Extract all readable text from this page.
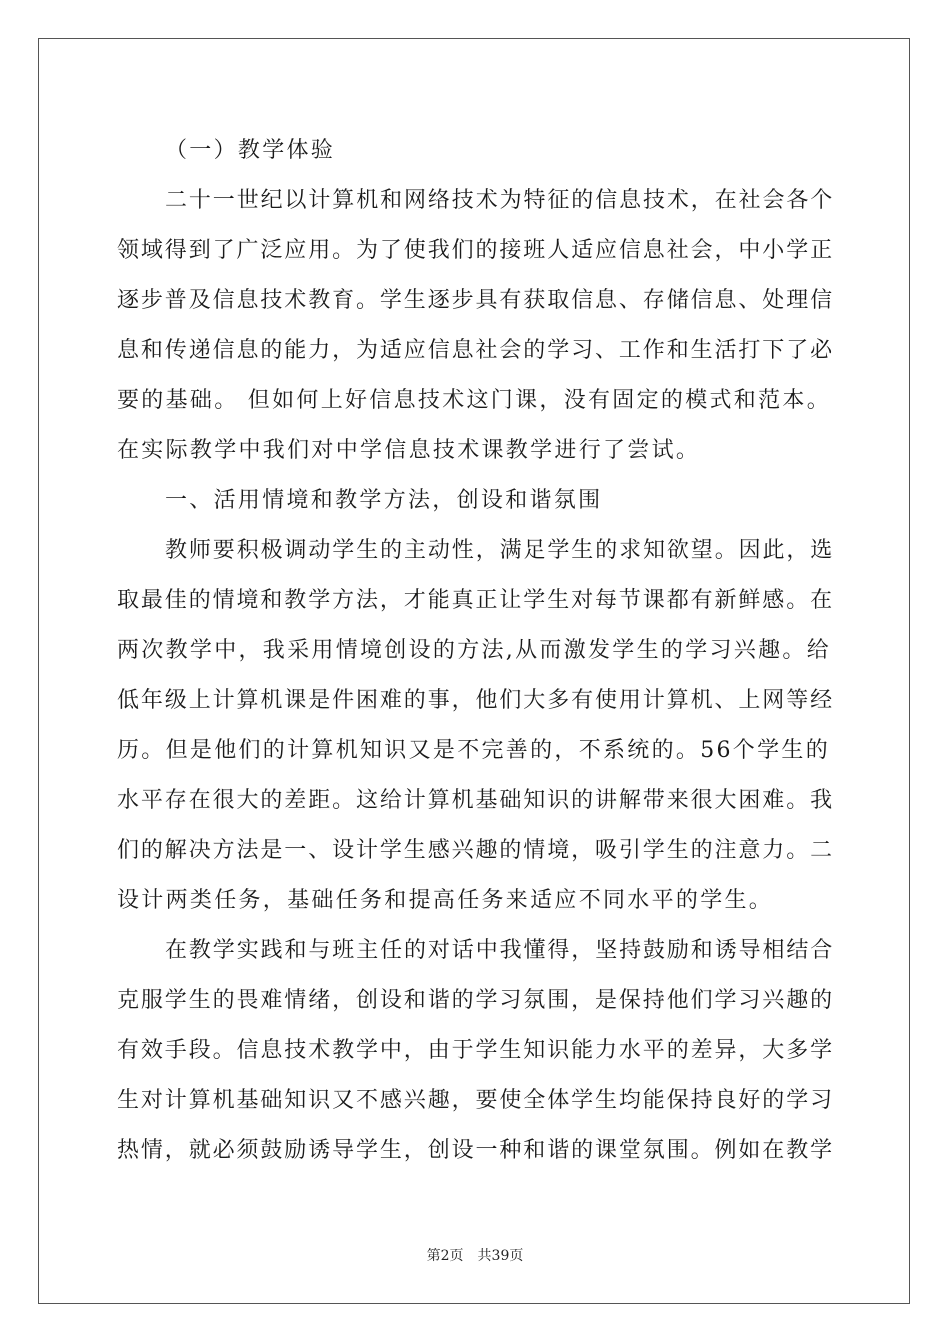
（一）教学体验
二十一世纪以计算机和网络技术为特征的信息技术，在社会各个
领域得到了广泛应用。为了使我们的接班人适应信息社会，中小学正
逐步普及信息技术教育。学生逐步具有获取信息、存储信息、处理信
息和传递信息的能力，为适应信息社会的学习、工作和生活打下了必
要的基础。 但如何上好信息技术这门课，没有固定的模式和范本。
在实际教学中我们对中学信息技术课教学进行了尝试。
一、活用情境和教学方法，创设和谐氛围
教师要积极调动学生的主动性，满足学生的求知欲望。因此，选
取最佳的情境和教学方法，才能真正让学生对每节课都有新鲜感。在
两次教学中，我采用情境创设的方法,从而激发学生的学习兴趣。给
低年级上计算机课是件困难的事，他们大多有使用计算机、上网等经
历。但是他们的计算机知识又是不完善的，不系统的。56个学生的
水平存在很大的差距。这给计算机基础知识的讲解带来很大困难。我
们的解决方法是一、设计学生感兴趣的情境，吸引学生的注意力。二
设计两类任务，基础任务和提高任务来适应不同水平的学生。
在教学实践和与班主任的对话中我懂得，坚持鼓励和诱导相结合
克服学生的畏难情绪，创设和谐的学习氛围，是保持他们学习兴趣的
有效手段。信息技术教学中，由于学生知识能力水平的差异，大多学
生对计算机基础知识又不感兴趣，要使全体学生均能保持良好的学习
热情，就必须鼓励诱导学生，创设一种和谐的课堂氛围。例如在教学
第2页 共39页
